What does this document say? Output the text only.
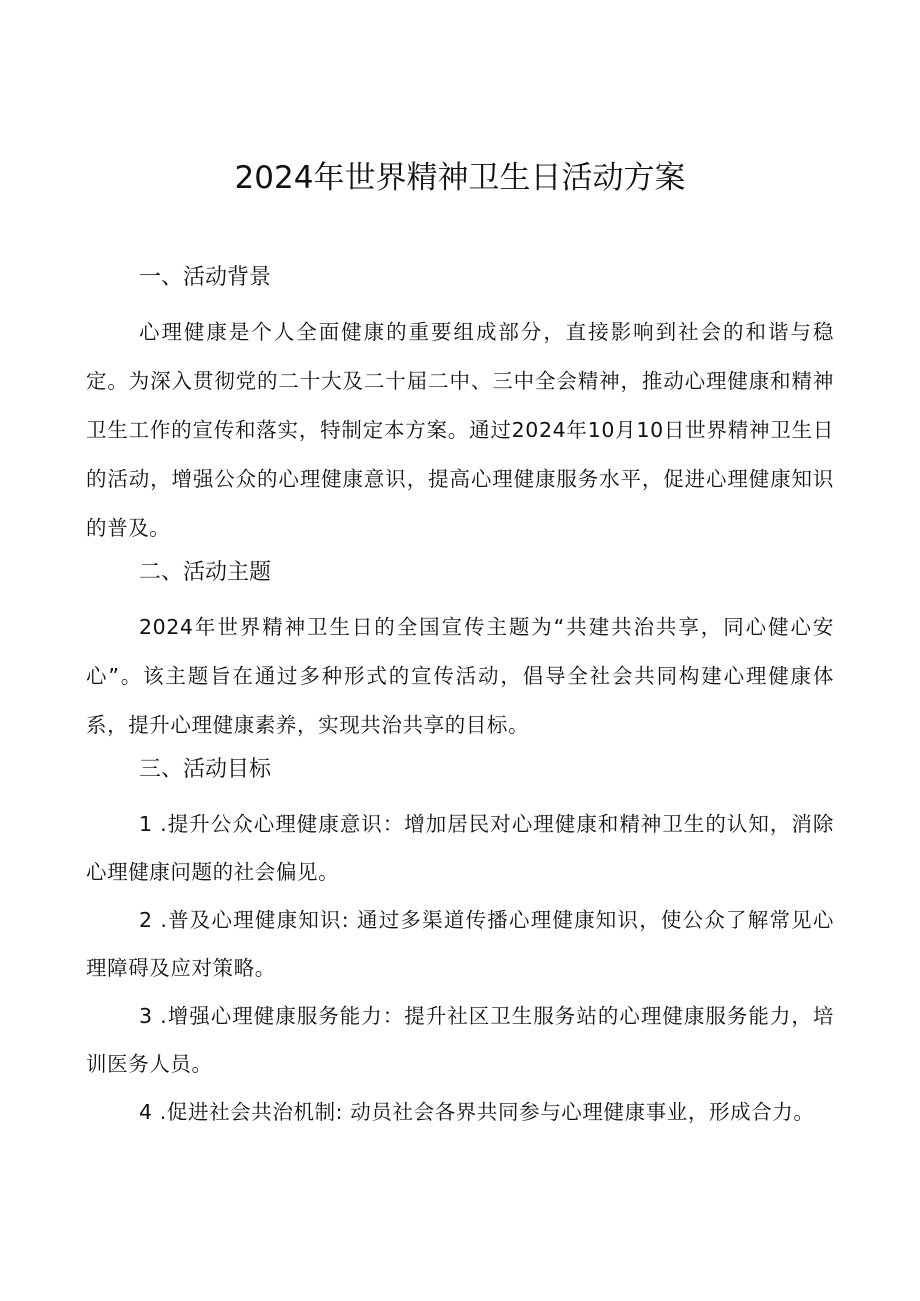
2024年世界精神卫生日活动方案
一、活动背景

心理健康是个人全面健康的重要组成部分，直接影响到社会的和谐与稳定。为深入贯彻党的二十大及二十届二中、三中全会精神，推动心理健康和精神卫生工作的宣传和落实，特制定本方案。通过2024年10月10日世界精神卫生日的活动，增强公众的心理健康意识，提高心理健康服务水平，促进心理健康知识的普及。

二、活动主题

2024年世界精神卫生日的全国宣传主题为“共建共治共享，同心健心安心”。该主题旨在通过多种形式的宣传活动，倡导全社会共同构建心理健康体系，提升心理健康素养，实现共治共享的目标。

三、活动目标

1 .提升公众心理健康意识：增加居民对心理健康和精神卫生的认知，消除心理健康问题的社会偏见。

2 .普及心理健康知识: 通过多渠道传播心理健康知识，使公众了解常见心理障碍及应对策略。

3 .增强心理健康服务能力：提升社区卫生服务站的心理健康服务能力，培训医务人员。

4 .促进社会共治机制: 动员社会各界共同参与心理健康事业，形成合力。
